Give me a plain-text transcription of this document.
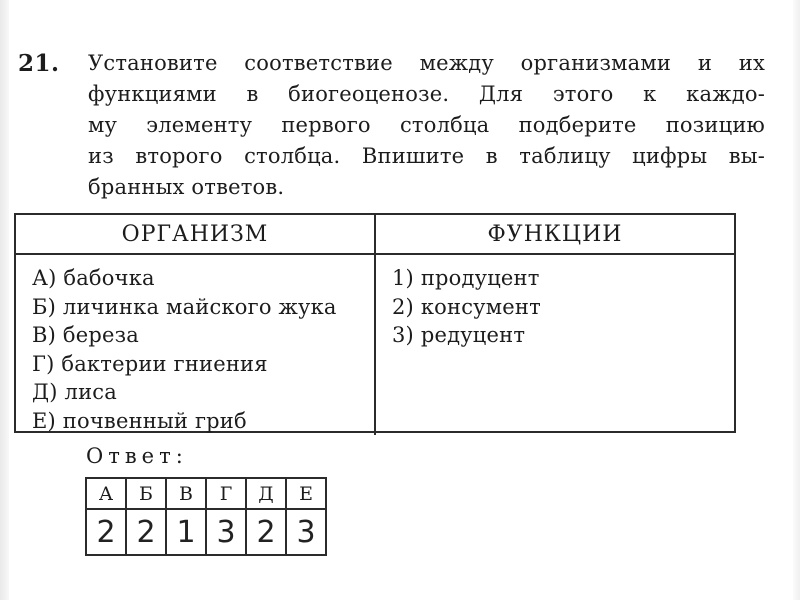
21.	Установите соответствие между организмами и их
функциями в биогеоценозе. Для этого к каждо-
му элементу первого столбца подберите позицию
из второго столбца. Впишите в таблицу цифры вы-
бранных ответов.
ОРГАНИЗМ	ФУНКЦИИ
А) бабочка
Б) личинка майского жука
В) береза
Г) бактерии гниения
Д) лиса
Е) почвенный гриб
1) продуцент
2) консумент
3) редуцент
Ответ:
А	Б	В	Г	Д	Е
2	2	1	3	2	3
